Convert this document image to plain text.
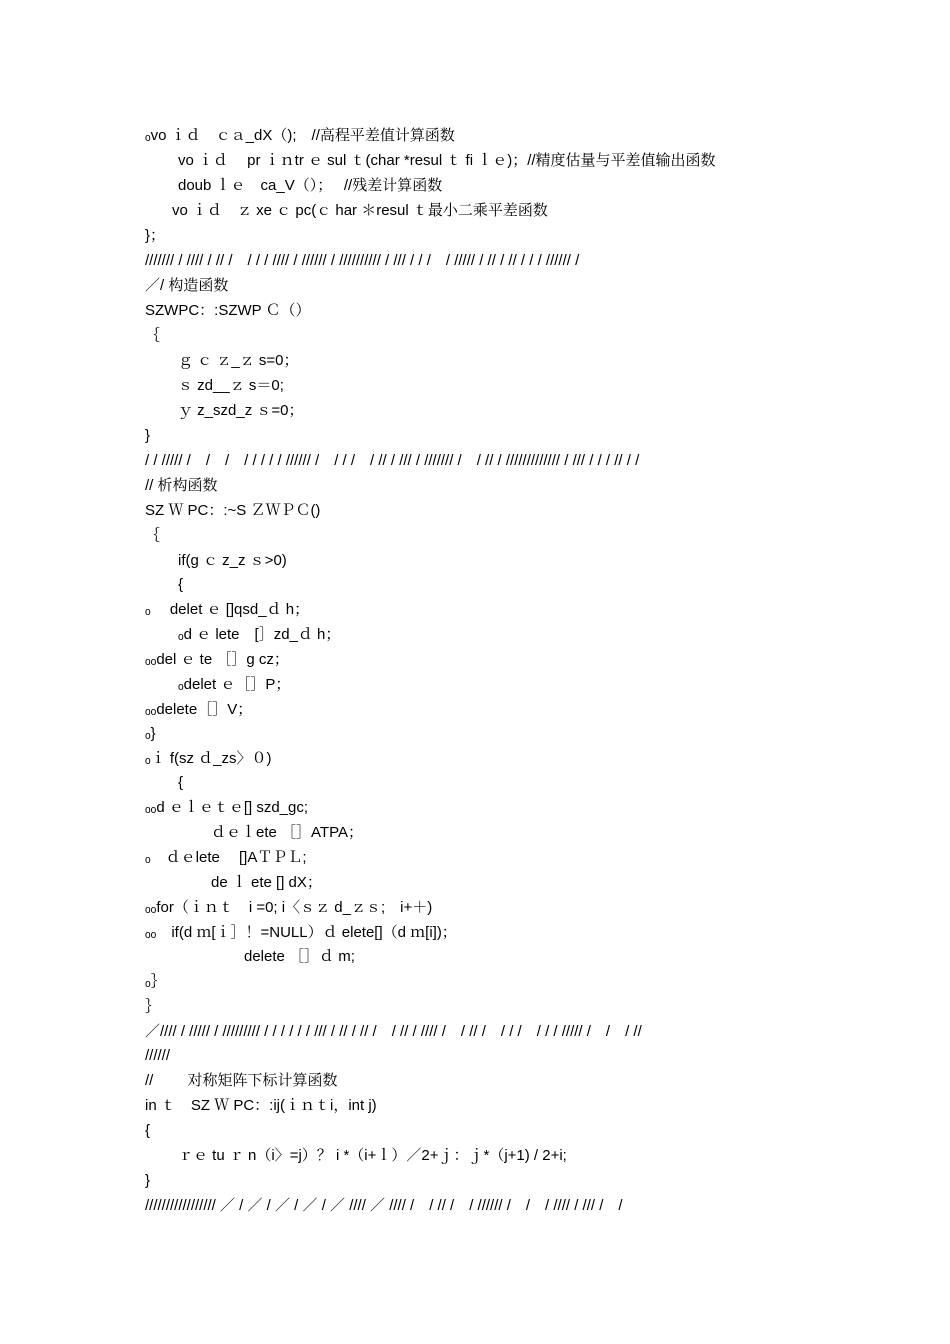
ₒvo ｉｄ　ｃａ_dX（);　//高程平差值计算函数
vo ｉｄ　 pr ｉｎtr ｅ sul ｔ(char *resul ｔ fi ｌｅ)；//精度估量与平差值输出函数
doub ｌｅ　ca_V（）；　 //残差计算函数
vo ｉｄ　ｚ xe ｃ pc(ｃ har ＊resul ｔ最小二乘平差函数
}；
/////// / //// / // /　/ / / //// / ////// / ////////// / /// / / /　/ ///// / // / // / / / ////// /
／/ 构造函数
SZWPC：:SZWP Ｃ（）
｛
ｇ ｃ ｚ_ｚ s=0；
ｓ zd__ｚ s＝0;
ｙ z_szd_z ｓ=0；
}
/ / ///// /　/　/　/ / / / / ////// /　/ / /　/ // / /// / /////// /　/ // / ///////////// / /// / / / // / /
// 析构函数
SZ Ｗ PC：:~S ＺＷＰＣ()
｛
if(g ｃ z_z ｓ>0)
{
ₒ　 delet ｅ []qsd_ｄ h；
ₒd ｅ lete　[］zd_ｄ h；
ₒₒdel ｅ te ［］g cz；
ₒdelet ｅ［］P；
ₒₒdelete［］V；
ₒ}
ₒｉ f(sz ｄ_zs〉０)
{
ₒₒd ｅｌｅｔｅ[] szd_gc;
ｄｅｌete ［］ATPA；
ₒ　ｄｅlete　 []AＴＰＬ;
de ｌ ete [] dX；
ₒₒfor（ｉｎｔ　i =0; i〈ｓｚ d_ｚｓ;　i+＋)
ₒₒ　if(d ｍ[ｉ］！=NULL）ｄ elete[]（d ｍ[i])；
delete ［］ｄ m;
ₒ｝
｝
／//// / ///// / ///////// / / / / / / /// / // / // /　/ // / //// /　/ // /　/ / /　/ / / ///// /　/　/ //
//////
//　　 对称矩阵下标计算函数
in ｔ　SZ Ｗ PC：:ij(ｉｎｔi，int j)
{
ｒｅ tu ｒ n（i〉=j）？ i *（i+ｌ）／2+ｊ：ｊ*（j+1) / 2+i;
}
///////////////// ／ / ／ / ／ / ／ / ／ //// ／ //// /　/ // /　/ ////// /　/　/ //// / /// /　/
